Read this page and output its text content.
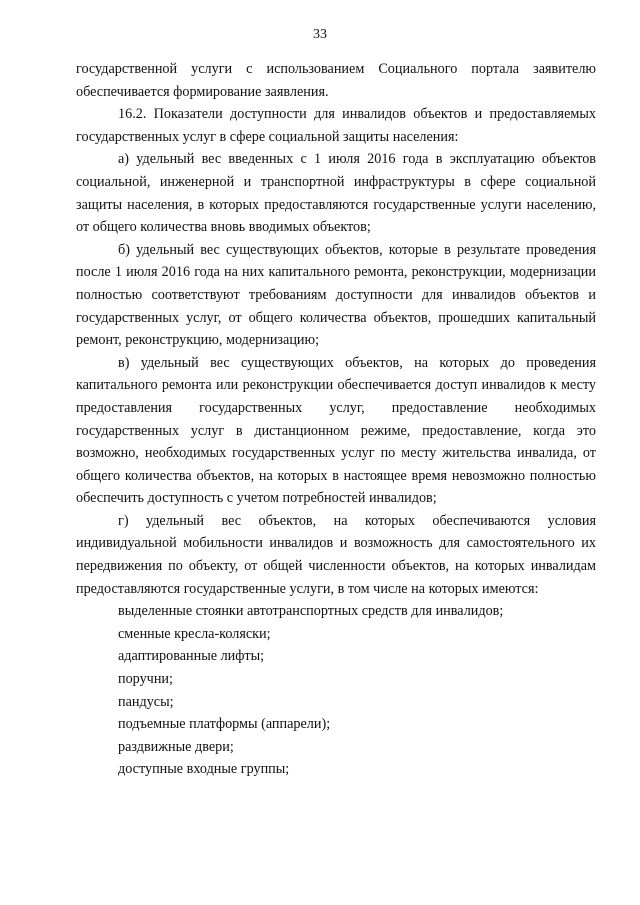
33

государственной услуги с использованием Социального портала заявителю обеспечивается формирование заявления.

16.2. Показатели доступности для инвалидов объектов и предоставляемых государственных услуг в сфере социальной защиты населения:

а) удельный вес введенных с 1 июля 2016 года в эксплуатацию объектов социальной, инженерной и транспортной инфраструктуры в сфере социальной защиты населения, в которых предоставляются государственные услуги населению, от общего количества вновь вводимых объектов;

б) удельный вес существующих объектов, которые в результате проведения после 1 июля 2016 года на них капитального ремонта, реконструкции, модернизации полностью соответствуют требованиям доступности для инвалидов объектов и государственных услуг, от общего количества объектов, прошедших капитальный ремонт, реконструкцию, модернизацию;

в) удельный вес существующих объектов, на которых до проведения капитального ремонта или реконструкции обеспечивается доступ инвалидов к месту предоставления государственных услуг, предоставление необходимых государственных услуг в дистанционном режиме, предоставление, когда это возможно, необходимых государственных услуг по месту жительства инвалида, от общего количества объектов, на которых в настоящее время невозможно полностью обеспечить доступность с учетом потребностей инвалидов;

г) удельный вес объектов, на которых обеспечиваются условия индивидуальной мобильности инвалидов и возможность для самостоятельного их передвижения по объекту, от общей численности объектов, на которых инвалидам предоставляются государственные услуги, в том числе на которых имеются:

выделенные стоянки автотранспортных средств для инвалидов;

сменные кресла-коляски;

адаптированные лифты;

поручни;

пандусы;

подъемные платформы (аппарели);

раздвижные двери;

доступные входные группы;
